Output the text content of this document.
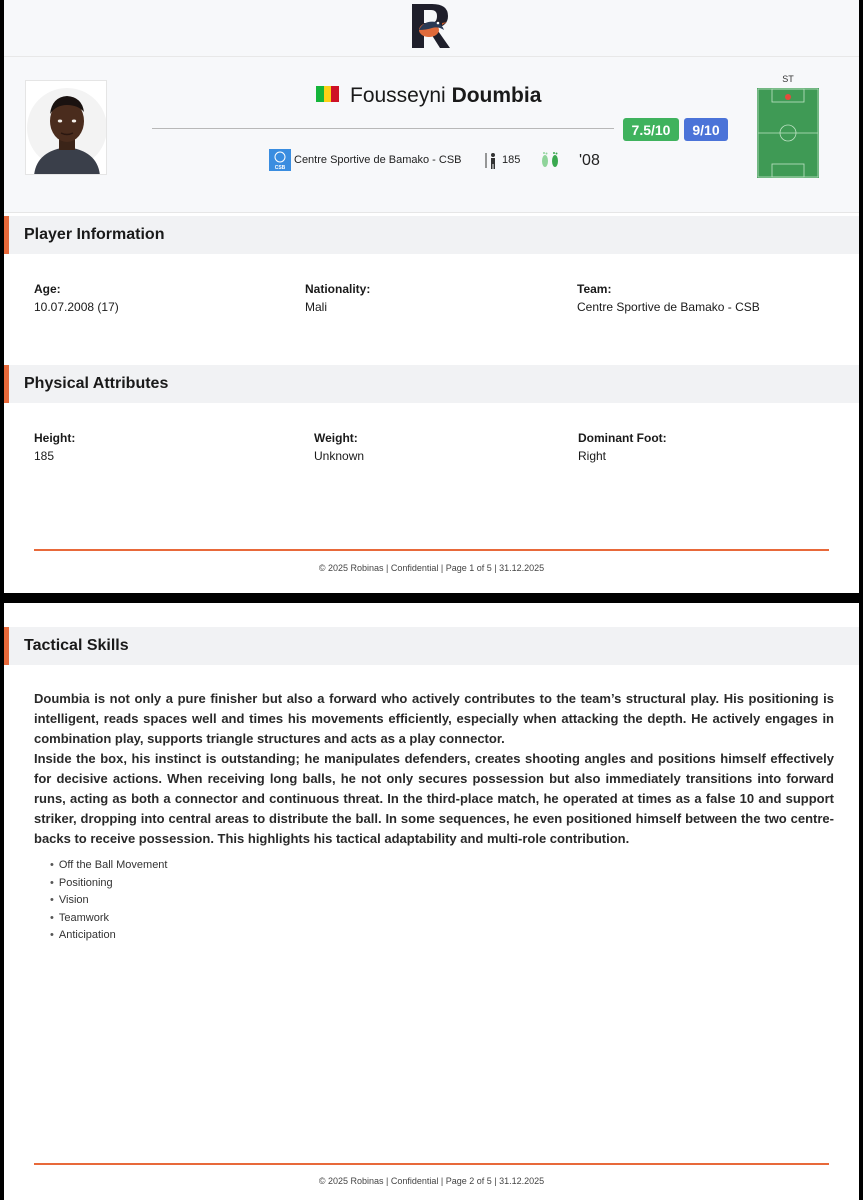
Fousseyni Doumbia
7.5/10	9/10
CSB
Centre Sportive de Bamako - CSB	185	'08
ST
Player Information
Age:
10.07.2008 (17)
Nationality:
Mali
Team:
Centre Sportive de Bamako - CSB
Physical Attributes
Height:
185
Weight:
Unknown
Dominant Foot:
Right
© 2025 Robinas | Confidential | Page 1 of 5 | 31.12.2025
Tactical Skills

Doumbia is not only a pure finisher but also a forward who actively contributes to the team’s structural play. His positioning is intelligent, reads spaces well and times his movements efficiently, especially when attacking the depth. He actively engages in combination play, supports triangle structures and acts as a play connector.

Inside the box, his instinct is outstanding; he manipulates defenders, creates shooting angles and positions himself effectively for decisive actions. When receiving long balls, he not only secures possession but also immediately transitions into forward runs, acting as both a connector and continuous threat. In the third-place match, he operated at times as a false 10 and support striker, dropping into central areas to distribute the ball. In some sequences, he even positioned himself between the two centre-backs to receive possession. This highlights his tactical adaptability and multi-role contribution.

• Off the Ball Movement
• Positioning
• Vision
• Teamwork
• Anticipation
© 2025 Robinas | Confidential | Page 2 of 5 | 31.12.2025
